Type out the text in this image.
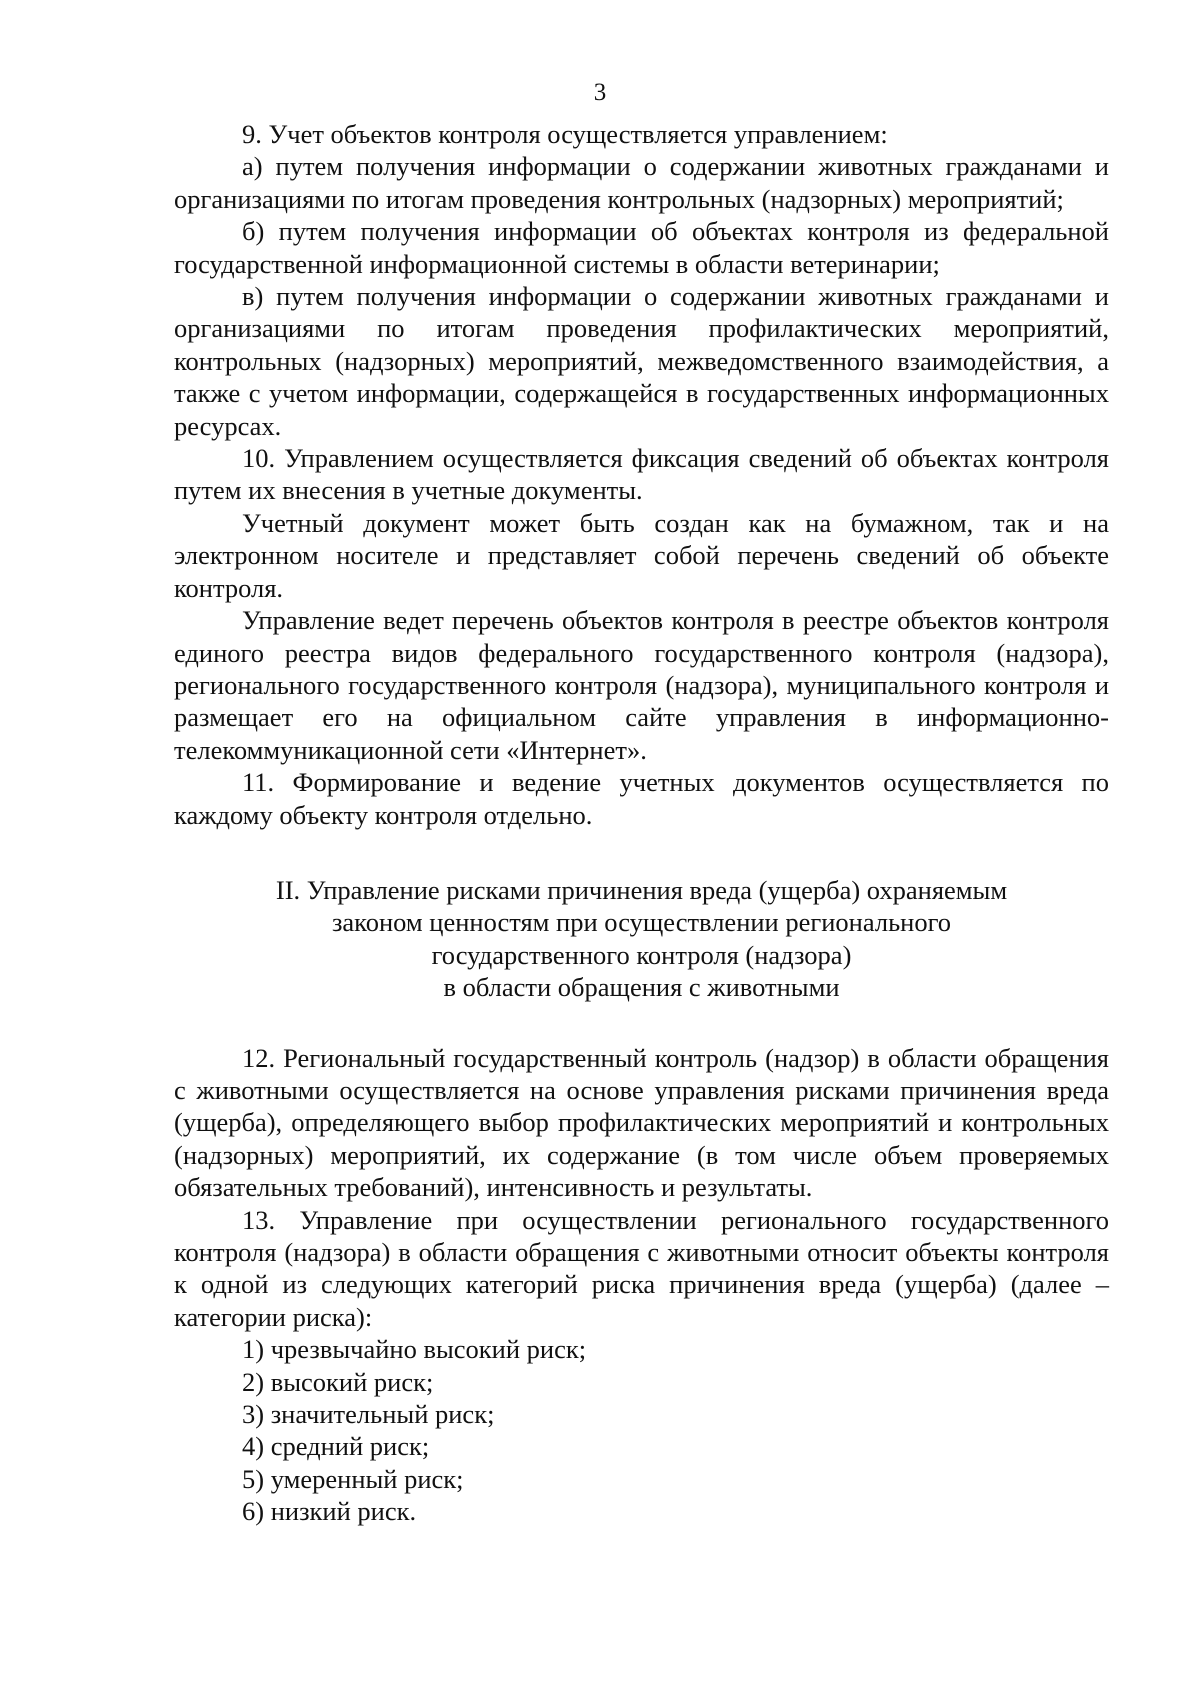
3

9. Учет объектов контроля осуществляется управлением:

а) путем получения информации о содержании животных гражданами и организациями по итогам проведения контрольных (надзорных) мероприятий;

б) путем получения информации об объектах контроля из федеральной государственной информационной системы в области ветеринарии;

в) путем получения информации о содержании животных гражданами и организациями по итогам проведения профилактических мероприятий, контрольных (надзорных) мероприятий, межведомственного взаимодействия, а также с учетом информации, содержащейся в государственных информационных ресурсах.

10. Управлением осуществляется фиксация сведений об объектах контроля путем их внесения в учетные документы.

Учетный документ может быть создан как на бумажном, так и на электронном носителе и представляет собой перечень сведений об объекте контроля.

Управление ведет перечень объектов контроля в реестре объектов контроля единого реестра видов федерального государственного контроля (надзора), регионального государственного контроля (надзора), муниципального контроля и размещает его на официальном сайте управления в информационно-телекоммуникационной сети «Интернет».

11. Формирование и ведение учетных документов осуществляется по каждому объекту контроля отдельно.

II. Управление рисками причинения вреда (ущерба) охраняемым
законом ценностям при осуществлении регионального
государственного контроля (надзора)
в области обращения с животными

12. Региональный государственный контроль (надзор) в области обращения с животными осуществляется на основе управления рисками причинения вреда (ущерба), определяющего выбор профилактических мероприятий и контрольных (надзорных) мероприятий, их содержание (в том числе объем проверяемых обязательных требований), интенсивность и результаты.

13. Управление при осуществлении регионального государственного контроля (надзора) в области обращения с животными относит объекты контроля к одной из следующих категорий риска причинения вреда (ущерба) (далее – категории риска):

1) чрезвычайно высокий риск;

2) высокий риск;

3) значительный риск;

4) средний риск;

5) умеренный риск;

6) низкий риск.
